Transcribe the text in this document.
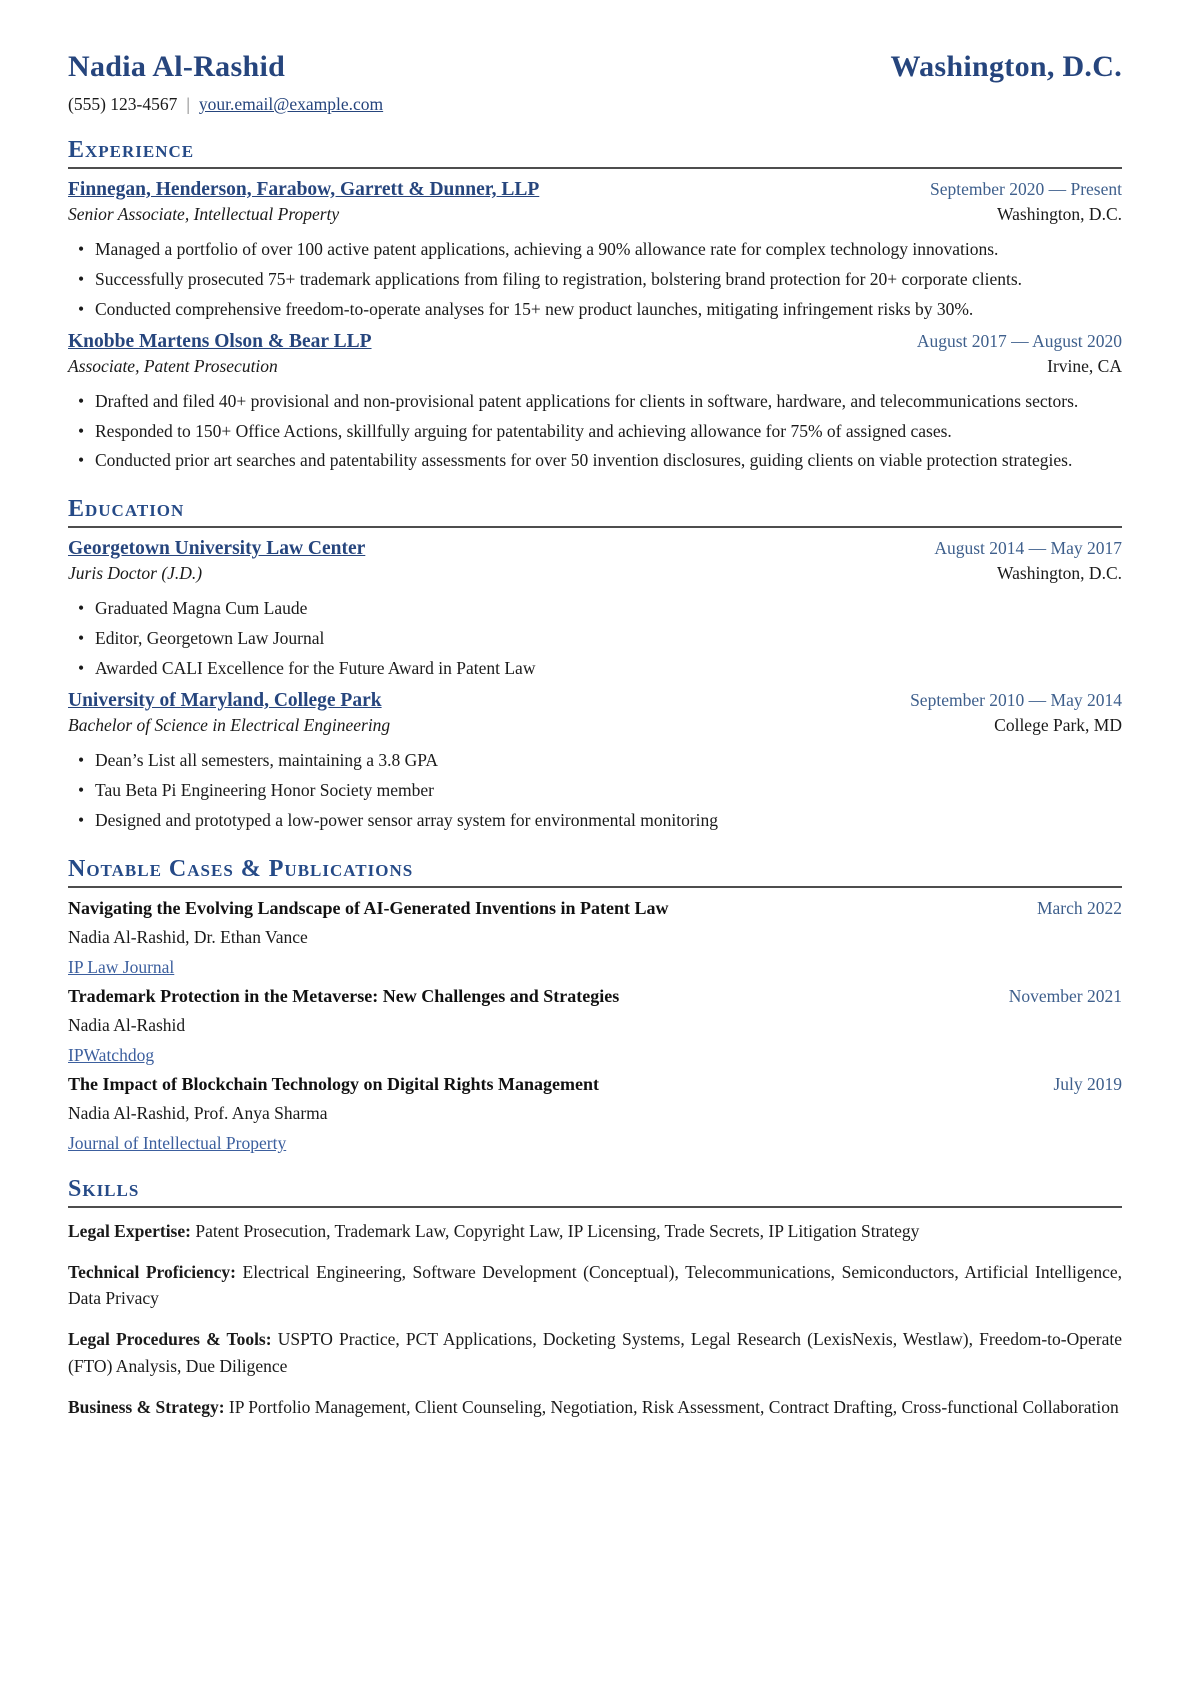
Nadia Al-Rashid	Washington, D.C.
(555) 123-4567 | your.email@example.com
Experience
Finnegan, Henderson, Farabow, Garrett & Dunner, LLP	September 2020 — Present
Senior Associate, Intellectual Property	Washington, D.C.
• Managed a portfolio of over 100 active patent applications, achieving a 90% allowance rate for complex technology innovations.
• Successfully prosecuted 75+ trademark applications from filing to registration, bolstering brand protection for 20+ corporate clients.
• Conducted comprehensive freedom-to-operate analyses for 15+ new product launches, mitigating infringement risks by 30%.
Knobbe Martens Olson & Bear LLP	August 2017 — August 2020
Associate, Patent Prosecution	Irvine, CA
• Drafted and filed 40+ provisional and non-provisional patent applications for clients in software, hardware, and telecommunications sectors.
• Responded to 150+ Office Actions, skillfully arguing for patentability and achieving allowance for 75% of assigned cases.
• Conducted prior art searches and patentability assessments for over 50 invention disclosures, guiding clients on viable protection strategies.
Education
Georgetown University Law Center	August 2014 — May 2017
Juris Doctor (J.D.)	Washington, D.C.
• Graduated Magna Cum Laude
• Editor, Georgetown Law Journal
• Awarded CALI Excellence for the Future Award in Patent Law
University of Maryland, College Park	September 2010 — May 2014
Bachelor of Science in Electrical Engineering	College Park, MD
• Dean’s List all semesters, maintaining a 3.8 GPA
• Tau Beta Pi Engineering Honor Society member
• Designed and prototyped a low-power sensor array system for environmental monitoring
Notable Cases & Publications
Navigating the Evolving Landscape of AI-Generated Inventions in Patent Law	March 2022
Nadia Al-Rashid, Dr. Ethan Vance
IP Law Journal
Trademark Protection in the Metaverse: New Challenges and Strategies	November 2021
Nadia Al-Rashid
IPWatchdog
The Impact of Blockchain Technology on Digital Rights Management	July 2019
Nadia Al-Rashid, Prof. Anya Sharma
Journal of Intellectual Property
Skills

Legal Expertise: Patent Prosecution, Trademark Law, Copyright Law, IP Licensing, Trade Secrets, IP Litigation Strategy

Technical Proficiency: Electrical Engineering, Software Development (Conceptual), Telecommunications, Semiconductors, Artificial Intelligence, Data Privacy

Legal Procedures & Tools: USPTO Practice, PCT Applications, Docketing Systems, Legal Research (LexisNexis, Westlaw), Freedom-to-Operate (FTO) Analysis, Due Diligence

Business & Strategy: IP Portfolio Management, Client Counseling, Negotiation, Risk Assessment, Contract Drafting, Cross-functional Collaboration
